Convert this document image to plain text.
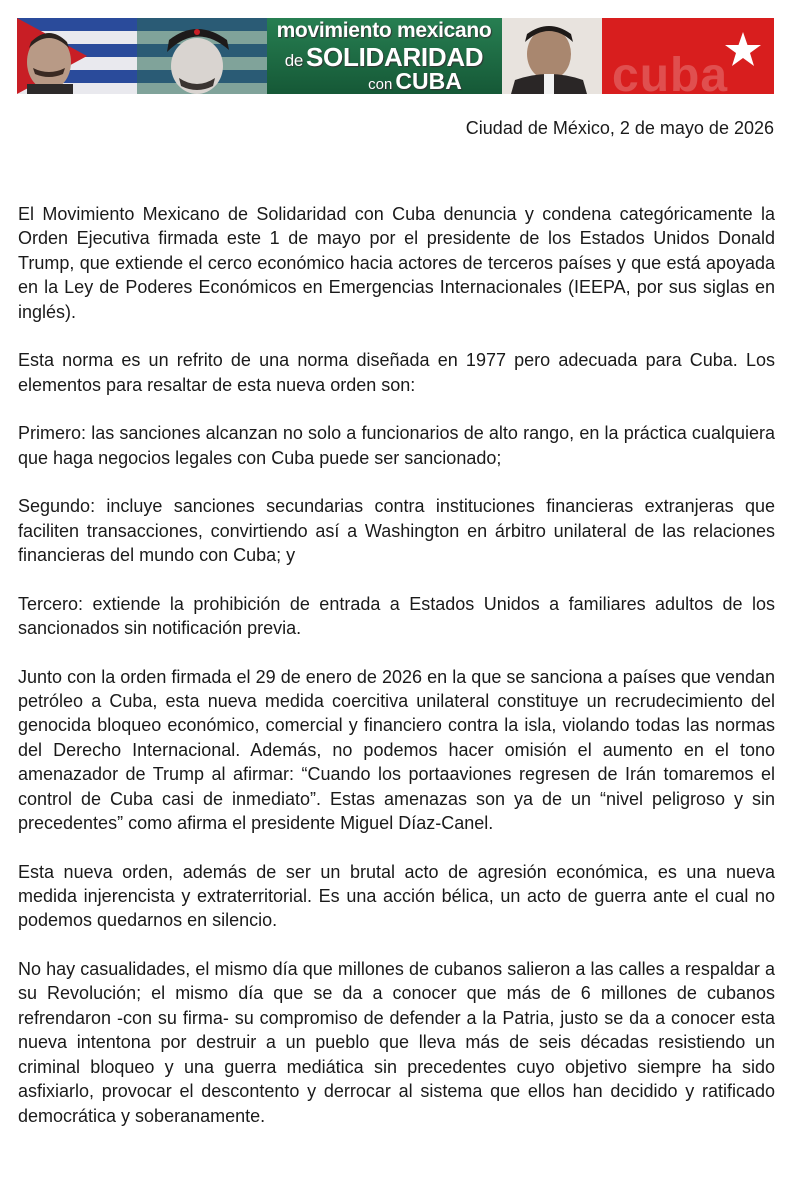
cuba
movimiento mexicano
de SOLIDARIDAD
con CUBA
Ciudad de México, 2 de mayo de 2026

El Movimiento Mexicano de Solidaridad con Cuba denuncia y condena categóricamente la Orden Ejecutiva firmada este 1 de mayo por el presidente de los Estados Unidos Donald Trump, que extiende el cerco económico hacia actores de terceros países y que está apoyada en la Ley de Poderes Económicos en Emergencias Internacionales (IEEPA, por sus siglas en inglés).

Esta norma es un refrito de una norma diseñada en 1977 pero adecuada para Cuba. Los elementos para resaltar de esta nueva orden son:

Primero: las sanciones alcanzan no solo a funcionarios de alto rango, en la práctica cualquiera que haga negocios legales con Cuba puede ser sancionado;

Segundo: incluye sanciones secundarias contra instituciones financieras extranjeras que faciliten transacciones, convirtiendo así a Washington en árbitro unilateral de las relaciones financieras del mundo con Cuba; y

Tercero: extiende la prohibición de entrada a Estados Unidos a familiares adultos de los sancionados sin notificación previa.

Junto con la orden firmada el 29 de enero de 2026 en la que se sanciona a países que vendan petróleo a Cuba, esta nueva medida coercitiva unilateral constituye un recrudecimiento del genocida bloqueo económico, comercial y financiero contra la isla, violando todas las normas del Derecho Internacional. Además, no podemos hacer omisión el aumento en el tono amenazador de Trump al afirmar: “Cuando los portaaviones regresen de Irán tomaremos el control de Cuba casi de inmediato”. Estas amenazas son ya de un “nivel peligroso y sin precedentes” como afirma el presidente Miguel Díaz-Canel.

Esta nueva orden, además de ser un brutal acto de agresión económica, es una nueva medida injerencista y extraterritorial. Es una acción bélica, un acto de guerra ante el cual no podemos quedarnos en silencio.

No hay casualidades, el mismo día que millones de cubanos salieron a las calles a respaldar a su Revolución; el mismo día que se da a conocer que más de 6 millones de cubanos refrendaron -con su firma- su compromiso de defender a la Patria, justo se da a conocer esta nueva intentona por destruir a un pueblo que lleva más de seis décadas resistiendo un criminal bloqueo y una guerra mediática sin precedentes cuyo objetivo siempre ha sido asfixiarlo, provocar el descontento y derrocar al sistema que ellos han decidido y ratificado democrática y soberanamente.
